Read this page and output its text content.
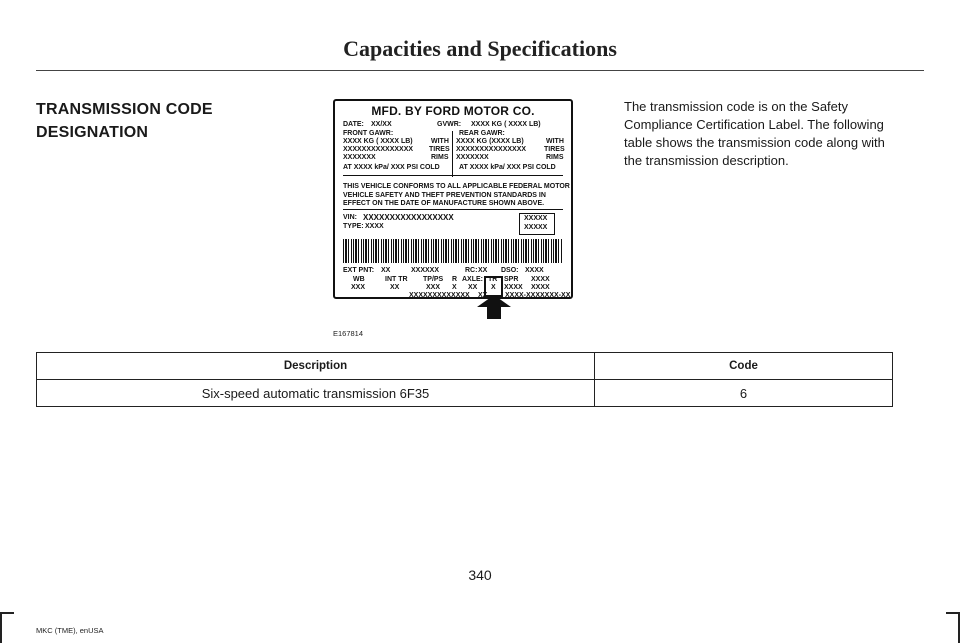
Capacities and Specifications
TRANSMISSION CODE
DESIGNATION
The transmission code is on the Safety Compliance Certification Label. The following table shows the transmission code along with the transmission description.
MFD. BY FORD MOTOR CO.
DATE: XX/XX	GVWR: XXXX KG ( XXXX LB)
FRONT GAWR:
XXXX KG ( XXXX LB)
XXXXXXXXXXXXXXX
XXXXXXX
WITH
TIRES
RIMS
AT XXXX kPa/ XXX PSI COLD
REAR GAWR:
XXXX KG (XXXX LB)
XXXXXXXXXXXXXXX
XXXXXXX
WITH
TIRES
RIMS
AT XXXX kPa/ XXX PSI COLD
THIS VEHICLE CONFORMS TO ALL APPLICABLE FEDERAL MOTOR
VEHICLE SAFETY AND THEFT PREVENTION STANDARDS IN
EFFECT ON THE DATE OF MANUFACTURE SHOWN ABOVE.
VIN: XXXXXXXXXXXXXXXXX
TYPE: XXXX
XXXXX
XXXXX
EXT PNT: XX	XXXXXX	RC: XX DSO: XXXX
WB	INT TR TP/PS R AXLE: TR SPR XXXX
XXX	XX	XXX X XX X XXXX XXXX
XXXXXXXXXXXXX XX	XXXX-XXXXXXX-XX
E167814
Description	Code
Six-speed automatic transmission 6F35	6
340
MKC (TME), enUSA
